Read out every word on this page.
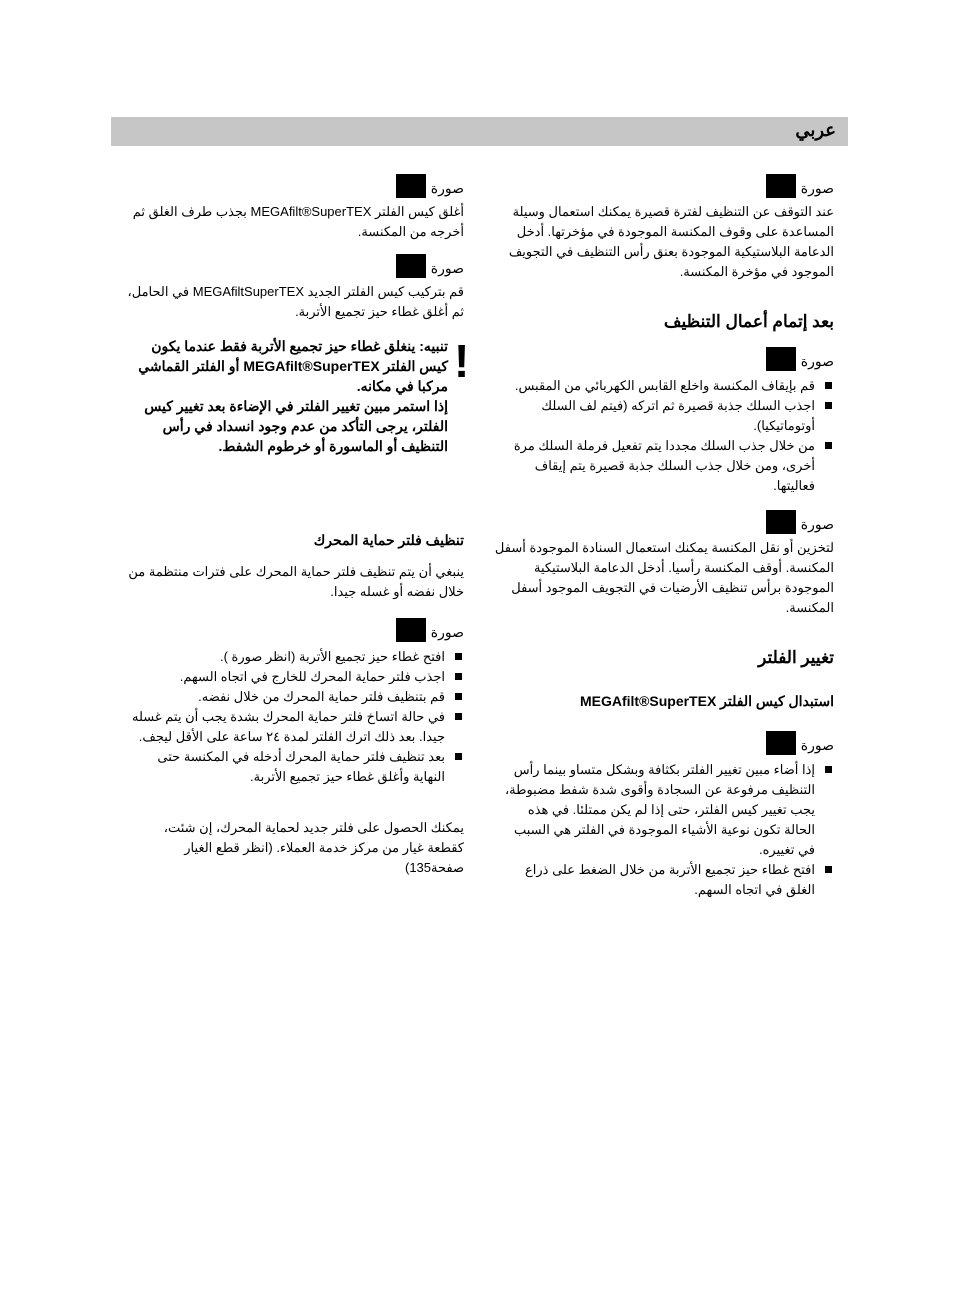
عربي
صورة
عند التوقف عن التنظيف لفترة قصيرة يمكنك استعمال وسيلة المساعدة على وقوف المكنسة الموجودة في مؤخرتها. أدخل الدعامة البلاستيكية الموجودة بعنق رأس التنظيف في التجويف الموجود في مؤخرة المكنسة.
بعد إتمام أعمال التنظيف
صورة
قم بإيقاف المكنسة واخلع القابس الكهربائي من المقبس.
اجذب السلك جذبة قصيرة ثم اتركه (فيتم لف السلك أوتوماتيكيا).
من خلال جذب السلك مجددا يتم تفعيل فرملة السلك مرة أخرى، ومن خلال جذب السلك جذبة قصيرة يتم إيقاف فعاليتها.
صورة
لتخزين أو نقل المكنسة يمكنك استعمال السنادة الموجودة أسفل المكنسة. أوقف المكنسة رأسيا. أدخل الدعامة البلاستيكية الموجودة برأس تنظيف الأرضيات في التجويف الموجود أسفل المكنسة.
تغيير الفلتر
استبدال كيس الفلتر MEGAfilt®SuperTEX
صورة
إذا أضاء مبين تغيير الفلتر بكثافة وبشكل متساو بينما رأس التنظيف مرفوعة عن السجادة وأقوى شدة شفط مضبوطة، يجب تغيير كيس الفلتر، حتى إذا لم يكن ممتلئا. في هذه الحالة تكون نوعية الأشياء الموجودة في الفلتر هي السبب في تغييره.
افتح غطاء حيز تجميع الأتربة من خلال الضغط على ذراع الغلق في اتجاه السهم.
صورة
أغلق كيس الفلتر MEGAfilt®SuperTEX بجذب طرف الغلق ثم أخرجه من المكنسة.
صورة
قم بتركيب كيس الفلتر الجديد MEGAfiltSuperTEX في الحامل، ثم أغلق غطاء حيز تجميع الأتربة.
!
تنبيه: ينغلق غطاء حيز تجميع الأتربة فقط عندما يكون كيس الفلتر MEGAfilt®SuperTEX أو الفلتر القماشي مركبا في مكانه.
إذا استمر مبين تغيير الفلتر في الإضاءة بعد تغيير كيس الفلتر، يرجى التأكد من عدم وجود انسداد في رأس التنظيف أو الماسورة أو خرطوم الشفط.
تنظيف فلتر حماية المحرك
ينبغي أن يتم تنظيف فلتر حماية المحرك على فترات منتظمة من خلال نفضه أو غسله جيدا.
صورة
افتح غطاء حيز تجميع الأتربة (انظر صورة ).
اجذب فلتر حماية المحرك للخارج في اتجاه السهم.
قم بتنظيف فلتر حماية المحرك من خلال نفضه.
في حالة اتساخ فلتر حماية المحرك بشدة يجب أن يتم غسله جيدا. بعد ذلك اترك الفلتر لمدة ٢٤ ساعة على الأقل ليجف.
بعد تنظيف فلتر حماية المحرك أدخله في المكنسة حتى النهاية وأغلق غطاء حيز تجميع الأتربة.
يمكنك الحصول على فلتر جديد لحماية المحرك، إن شئت، كقطعة غيار من مركز خدمة العملاء. (انظر قطع الغيار صفحة135)
